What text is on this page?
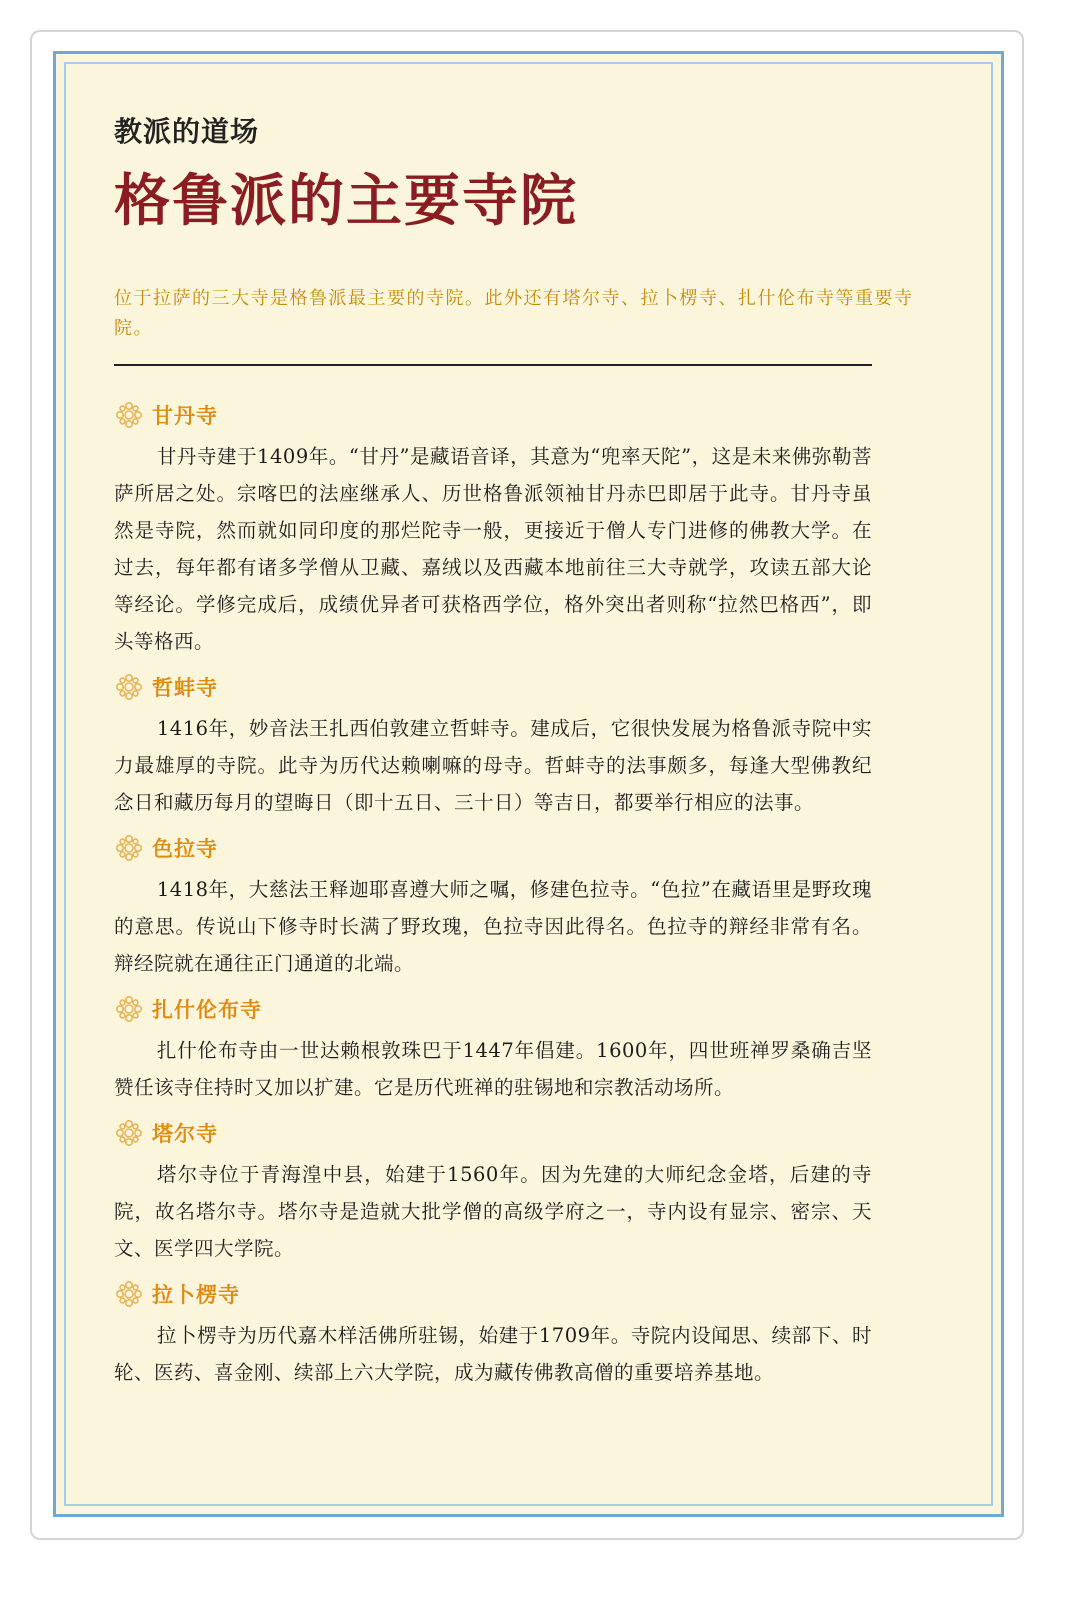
教派的道场
格鲁派的主要寺院

位于拉萨的三大寺是格鲁派最主要的寺院。此外还有塔尔寺、拉卜楞寺、扎什伦布寺等重要寺院。

甘丹寺

甘丹寺建于1409年。“甘丹”是藏语音译，其意为“兜率天陀”，这是未来佛弥勒菩萨所居之处。宗喀巴的法座继承人、历世格鲁派领袖甘丹赤巴即居于此寺。甘丹寺虽然是寺院，然而就如同印度的那烂陀寺一般，更接近于僧人专门进修的佛教大学。在过去，每年都有诸多学僧从卫藏、嘉绒以及西藏本地前往三大寺就学，攻读五部大论等经论。学修完成后，成绩优异者可获格西学位，格外突出者则称“拉然巴格西”，即头等格西。

哲蚌寺

1416年，妙音法王扎西伯敦建立哲蚌寺。建成后，它很快发展为格鲁派寺院中实力最雄厚的寺院。此寺为历代达赖喇嘛的母寺。哲蚌寺的法事颇多，每逢大型佛教纪念日和藏历每月的望晦日（即十五日、三十日）等吉日，都要举行相应的法事。

色拉寺

1418年，大慈法王释迦耶喜遵大师之嘱，修建色拉寺。“色拉”在藏语里是野玫瑰的意思。传说山下修寺时长满了野玫瑰，色拉寺因此得名。色拉寺的辩经非常有名。辩经院就在通往正门通道的北端。

扎什伦布寺

扎什伦布寺由一世达赖根敦珠巴于1447年倡建。1600年，四世班禅罗桑确吉坚赞任该寺住持时又加以扩建。它是历代班禅的驻锡地和宗教活动场所。

塔尔寺

塔尔寺位于青海湟中县，始建于1560年。因为先建的大师纪念金塔，后建的寺院，故名塔尔寺。塔尔寺是造就大批学僧的高级学府之一，寺内设有显宗、密宗、天文、医学四大学院。

拉卜楞寺

拉卜楞寺为历代嘉木样活佛所驻锡，始建于1709年。寺院内设闻思、续部下、时轮、医药、喜金刚、续部上六大学院，成为藏传佛教高僧的重要培养基地。
